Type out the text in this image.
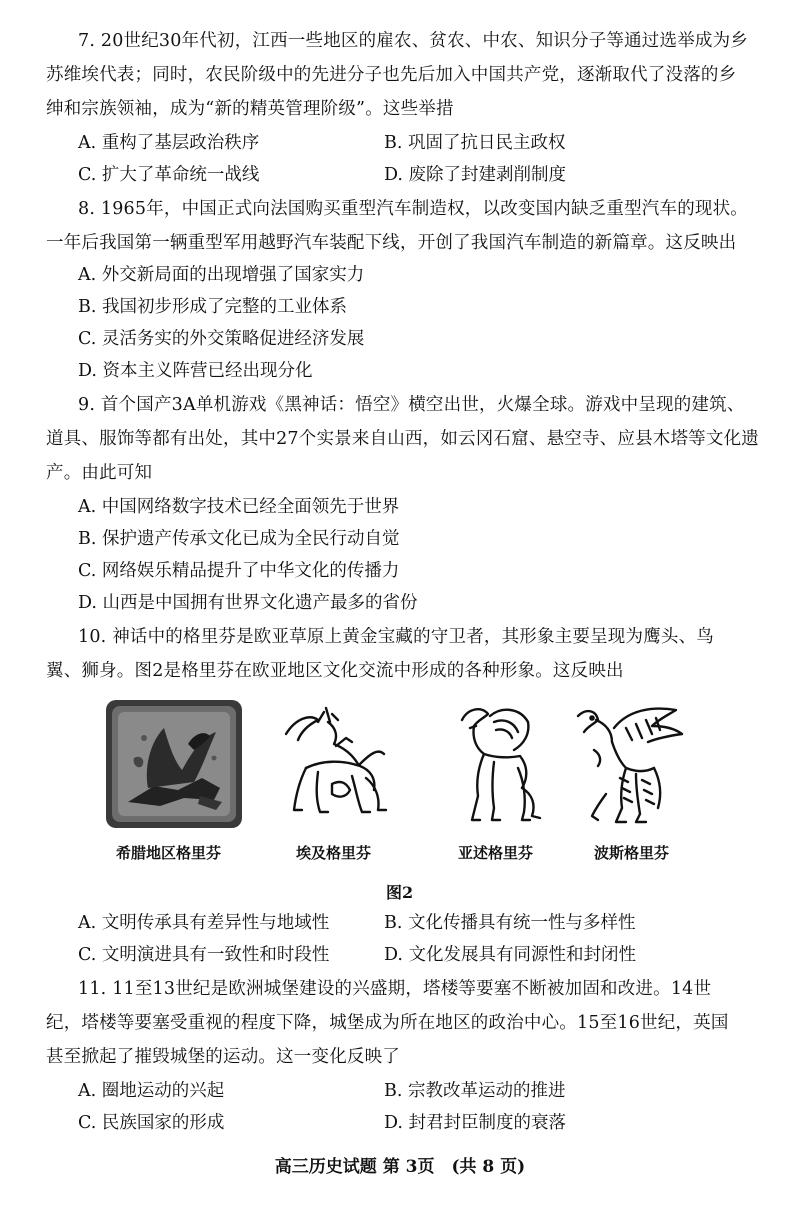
7. 20世纪30年代初，江西一些地区的雇农、贫农、中农、知识分子等通过选举成为乡
苏维埃代表；同时，农民阶级中的先进分子也先后加入中国共产党，逐渐取代了没落的乡
绅和宗族领袖，成为“新的精英管理阶级”。这些举措
A. 重构了基层政治秩序	B. 巩固了抗日民主政权
C. 扩大了革命统一战线	D. 废除了封建剥削制度
8. 1965年，中国正式向法国购买重型汽车制造权，以改变国内缺乏重型汽车的现状。
一年后我国第一辆重型军用越野汽车装配下线，开创了我国汽车制造的新篇章。这反映出
A. 外交新局面的出现增强了国家实力
B. 我国初步形成了完整的工业体系
C. 灵活务实的外交策略促进经济发展
D. 资本主义阵营已经出现分化
9. 首个国产3A单机游戏《黑神话：悟空》横空出世，火爆全球。游戏中呈现的建筑、
道具、服饰等都有出处，其中27个实景来自山西，如云冈石窟、悬空寺、应县木塔等文化遗
产。由此可知
A. 中国网络数字技术已经全面领先于世界
B. 保护遗产传承文化已成为全民行动自觉
C. 网络娱乐精品提升了中华文化的传播力
D. 山西是中国拥有世界文化遗产最多的省份
10. 神话中的格里芬是欧亚草原上黄金宝藏的守卫者，其形象主要呈现为鹰头、鸟
翼、狮身。图2是格里芬在欧亚地区文化交流中形成的各种形象。这反映出
希腊地区格里芬	埃及格里芬	亚述格里芬	波斯格里芬
图2
A. 文明传承具有差异性与地域性	B. 文化传播具有统一性与多样性
C. 文明演进具有一致性和时段性	D. 文化发展具有同源性和封闭性
11. 11至13世纪是欧洲城堡建设的兴盛期，塔楼等要塞不断被加固和改进。14世
纪，塔楼等要塞受重视的程度下降，城堡成为所在地区的政治中心。15至16世纪，英国
甚至掀起了摧毁城堡的运动。这一变化反映了
A. 圈地运动的兴起	B. 宗教改革运动的推进
C. 民族国家的形成	D. 封君封臣制度的衰落
高三历史试题 第 3页　(共 8 页)
